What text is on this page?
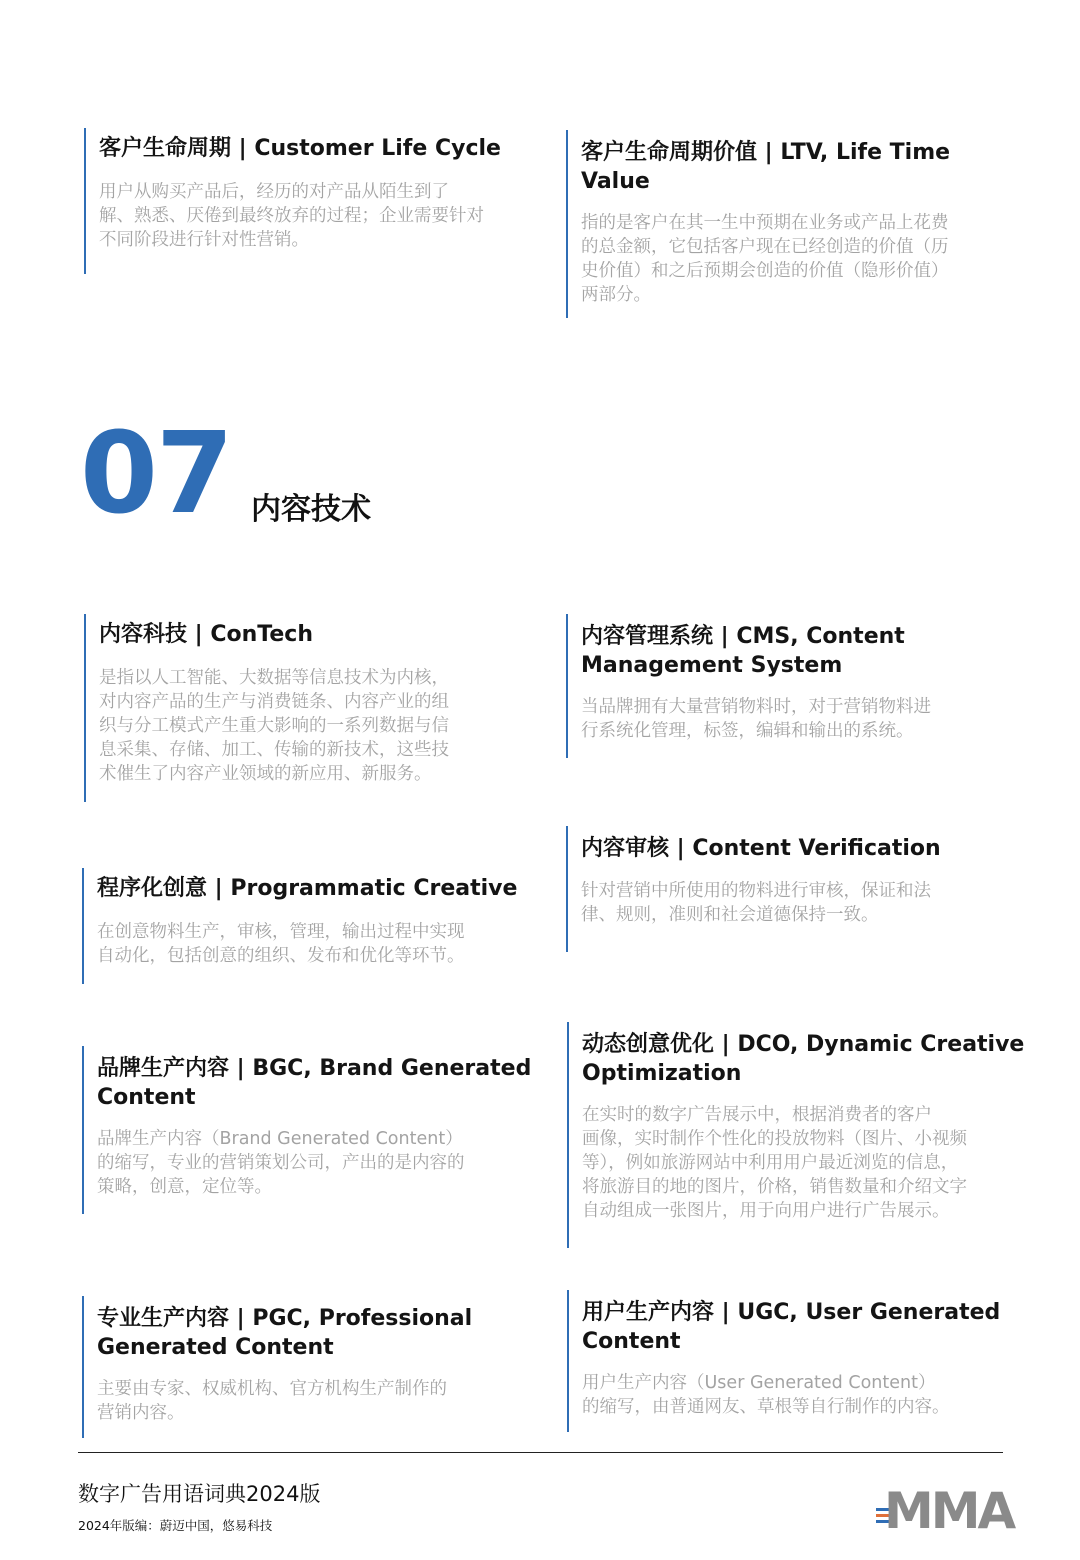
客户生命周期 | Customer Life Cycle

用户从购买产品后，经历的对产品从陌生到了
解、熟悉、厌倦到最终放弃的过程；企业需要针对
不同阶段进行针对性营销。

客户生命周期价值 | LTV, Life Time Value

指的是客户在其一生中预期在业务或产品上花费
的总金额，它包括客户现在已经创造的价值（历
史价值）和之后预期会创造的价值（隐形价值）
两部分。

07 内容技术
内容科技 | ConTech

是指以人工智能、大数据等信息技术为内核，
对内容产品的生产与消费链条、内容产业的组
织与分工模式产生重大影响的一系列数据与信
息采集、存储、加工、传输的新技术，这些技
术催生了内容产业领域的新应用、新服务。

内容管理系统 | CMS, Content Management System

当品牌拥有大量营销物料时，对于营销物料进
行系统化管理，标签，编辑和输出的系统。

内容审核 | Content Verification

针对营销中所使用的物料进行审核，保证和法
律、规则，准则和社会道德保持一致。

程序化创意 | Programmatic Creative

在创意物料生产，审核，管理，输出过程中实现
自动化，包括创意的组织、发布和优化等环节。

品牌生产内容 | BGC, Brand Generated Content

品牌生产内容（Brand Generated Content）
的缩写，专业的营销策划公司，产出的是内容的
策略，创意，定位等。

动态创意优化 | DCO, Dynamic Creative Optimization

在实时的数字广告展示中，根据消费者的客户
画像，实时制作个性化的投放物料（图片、小视频
等），例如旅游网站中利用用户最近浏览的信息，
将旅游目的地的图片，价格，销售数量和介绍文字
自动组成一张图片，用于向用户进行广告展示。

专业生产内容 | PGC, Professional Generated Content

主要由专家、权威机构、官方机构生产制作的
营销内容。

用户生产内容 | UGC, User Generated Content

用户生产内容（User Generated Content）
的缩写，由普通网友、草根等自行制作的内容。

数字广告用语词典2024版
2024年版编：蔚迈中国，悠易科技	MMA
